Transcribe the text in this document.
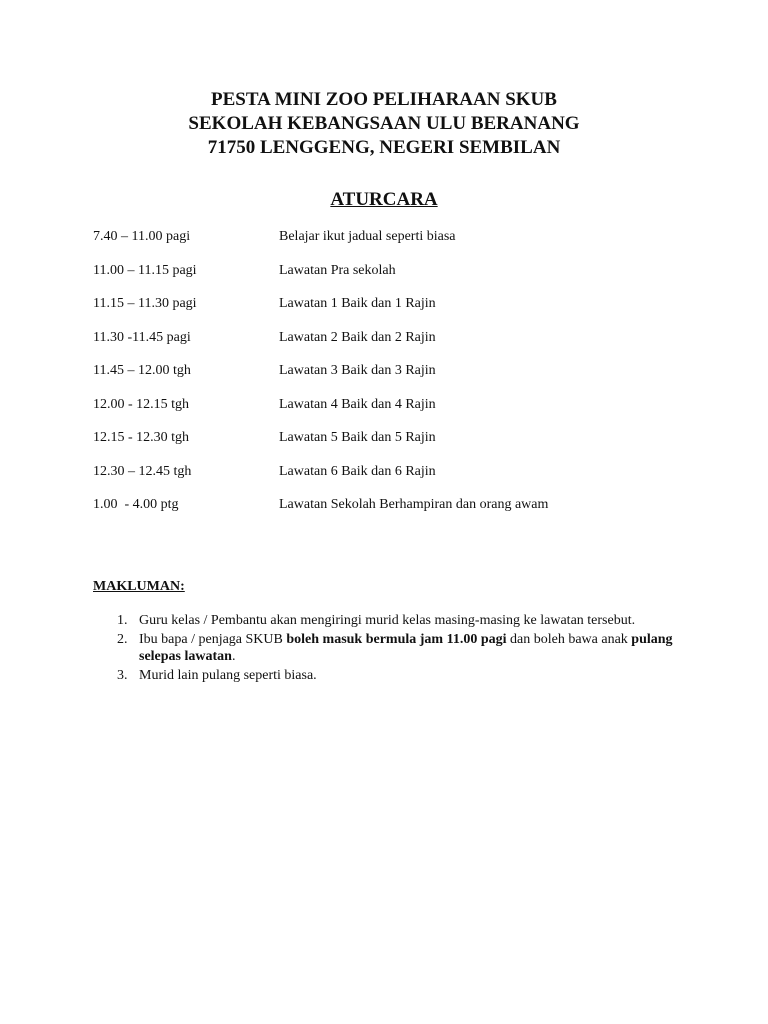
PESTA MINI ZOO PELIHARAAN SKUB
SEKOLAH KEBANGSAAN ULU BERANANG
71750 LENGGENG, NEGERI SEMBILAN
ATURCARA
7.40 – 11.00 pagi	Belajar ikut jadual seperti biasa
11.00 – 11.15 pagi	Lawatan Pra sekolah
11.15 – 11.30 pagi	Lawatan 1 Baik dan 1 Rajin
11.30 -11.45 pagi	Lawatan 2 Baik dan 2 Rajin
11.45 – 12.00 tgh	Lawatan 3 Baik dan 3 Rajin
12.00 - 12.15 tgh	Lawatan 4 Baik dan 4 Rajin
12.15 - 12.30 tgh	Lawatan 5 Baik dan 5 Rajin
12.30 – 12.45 tgh	Lawatan 6 Baik dan 6 Rajin
1.00  - 4.00 ptg	Lawatan Sekolah Berhampiran dan orang awam
MAKLUMAN:
1. Guru kelas / Pembantu akan mengiringi murid kelas masing-masing ke lawatan tersebut.
2. Ibu bapa / penjaga SKUB boleh masuk bermula jam 11.00 pagi dan boleh bawa anak pulang selepas lawatan.
3. Murid lain pulang seperti biasa.
